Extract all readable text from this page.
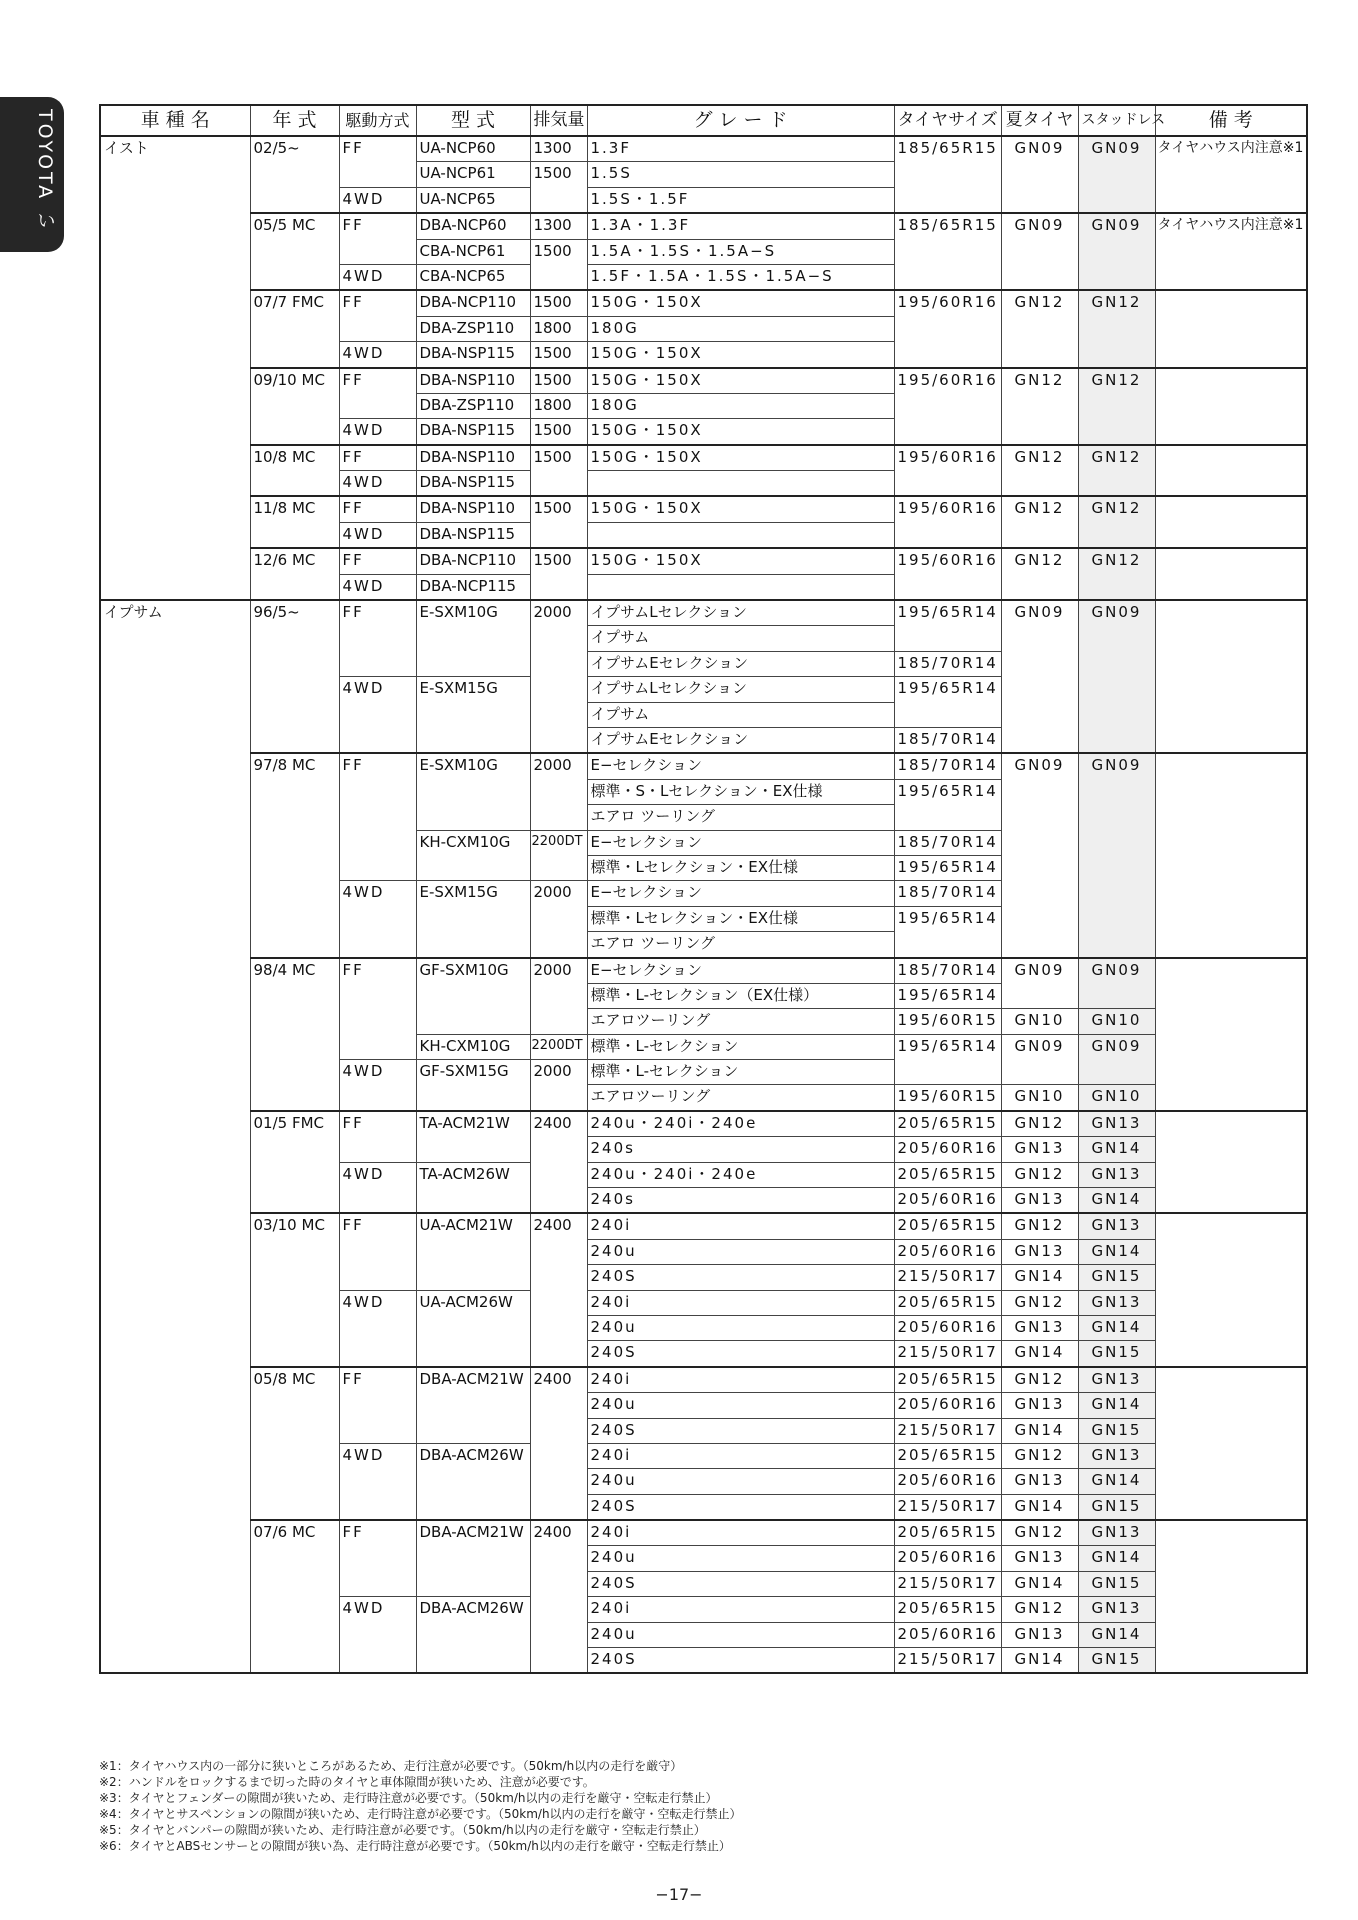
TOYOTA い	車 種 名	年 式	駆動方式	型 式	排気量	グ レ ー ド	タイヤサイズ	夏タイヤ	スタッドレス	備 考
イスト	02/5~	FF	UA-NCP60	1300	1.3F	185/65R15	GN09	GN09	タイヤハウス内注意※1
			UA-NCP61	1500	1.5S				
		4WD	UA-NCP65		1.5S・1.5F				
	05/5 MC	FF	DBA-NCP60	1300	1.3A・1.3F	185/65R15	GN09	GN09	タイヤハウス内注意※1
			CBA-NCP61	1500	1.5A・1.5S・1.5A−S				
		4WD	CBA-NCP65		1.5F・1.5A・1.5S・1.5A−S				
	07/7 FMC	FF	DBA-NCP110	1500	150G・150X	195/60R16	GN12	GN12	
			DBA-ZSP110	1800	180G				
		4WD	DBA-NSP115	1500	150G・150X				
	09/10 MC	FF	DBA-NSP110	1500	150G・150X	195/60R16	GN12	GN12	
			DBA-ZSP110	1800	180G				
		4WD	DBA-NSP115	1500	150G・150X				
	10/8 MC	FF	DBA-NSP110	1500	150G・150X	195/60R16	GN12	GN12	
		4WD	DBA-NSP115						
	11/8 MC	FF	DBA-NSP110	1500	150G・150X	195/60R16	GN12	GN12	
		4WD	DBA-NSP115						
	12/6 MC	FF	DBA-NCP110	1500	150G・150X	195/60R16	GN12	GN12	
		4WD	DBA-NCP115						
イプサム	96/5~	FF	E-SXM10G	2000	イプサムLセレクション	195/65R14	GN09	GN09	
					イプサム				
					イプサムEセレクション	185/70R14			
		4WD	E-SXM15G		イプサムLセレクション	195/65R14			
					イプサム				
					イプサムEセレクション	185/70R14			
	97/8 MC	FF	E-SXM10G	2000	E−セレクション	185/70R14	GN09	GN09	
					標準・S・Lセレクション・EX仕様	195/65R14			
					エアロ ツーリング				
			KH-CXM10G	2200DT	E−セレクション	185/70R14			
					標準・Lセレクション・EX仕様	195/65R14			
		4WD	E-SXM15G	2000	E−セレクション	185/70R14			
					標準・Lセレクション・EX仕様	195/65R14			
					エアロ ツーリング				
	98/4 MC	FF	GF-SXM10G	2000	E−セレクション	185/70R14	GN09	GN09	
					標準・L-セレクション（EX仕様）	195/65R14			
					エアロツーリング	195/60R15	GN10	GN10	
			KH-CXM10G	2200DT	標準・L-セレクション	195/65R14	GN09	GN09	
		4WD	GF-SXM15G	2000	標準・L-セレクション				
					エアロツーリング	195/60R15	GN10	GN10	
	01/5 FMC	FF	TA-ACM21W	2400	240u・240i・240e	205/65R15	GN12	GN13	
					240s	205/60R16	GN13	GN14	
		4WD	TA-ACM26W		240u・240i・240e	205/65R15	GN12	GN13	
					240s	205/60R16	GN13	GN14	
	03/10 MC	FF	UA-ACM21W	2400	240i	205/65R15	GN12	GN13	
					240u	205/60R16	GN13	GN14	
					240S	215/50R17	GN14	GN15	
		4WD	UA-ACM26W		240i	205/65R15	GN12	GN13	
					240u	205/60R16	GN13	GN14	
					240S	215/50R17	GN14	GN15	
	05/8 MC	FF	DBA-ACM21W	2400	240i	205/65R15	GN12	GN13	
					240u	205/60R16	GN13	GN14	
					240S	215/50R17	GN14	GN15	
		4WD	DBA-ACM26W		240i	205/65R15	GN12	GN13	
					240u	205/60R16	GN13	GN14	
					240S	215/50R17	GN14	GN15	
	07/6 MC	FF	DBA-ACM21W	2400	240i	205/65R15	GN12	GN13	
					240u	205/60R16	GN13	GN14	
					240S	215/50R17	GN14	GN15	
		4WD	DBA-ACM26W		240i	205/65R15	GN12	GN13	
					240u	205/60R16	GN13	GN14	
					240S	215/50R17	GN14	GN15	
※1：タイヤハウス内の一部分に狭いところがあるため、走行注意が必要です。（50km/h以内の走行を厳守）
※2：ハンドルをロックするまで切った時のタイヤと車体隙間が狭いため、注意が必要です。
※3：タイヤとフェンダーの隙間が狭いため、走行時注意が必要です。（50km/h以内の走行を厳守・空転走行禁止）
※4：タイヤとサスペンションの隙間が狭いため、走行時注意が必要です。（50km/h以内の走行を厳守・空転走行禁止）
※5：タイヤとバンパーの隙間が狭いため、走行時注意が必要です。（50km/h以内の走行を厳守・空転走行禁止）
※6：タイヤとABSセンサーとの隙間が狭い為、走行時注意が必要です。（50km/h以内の走行を厳守・空転走行禁止）
−17−
